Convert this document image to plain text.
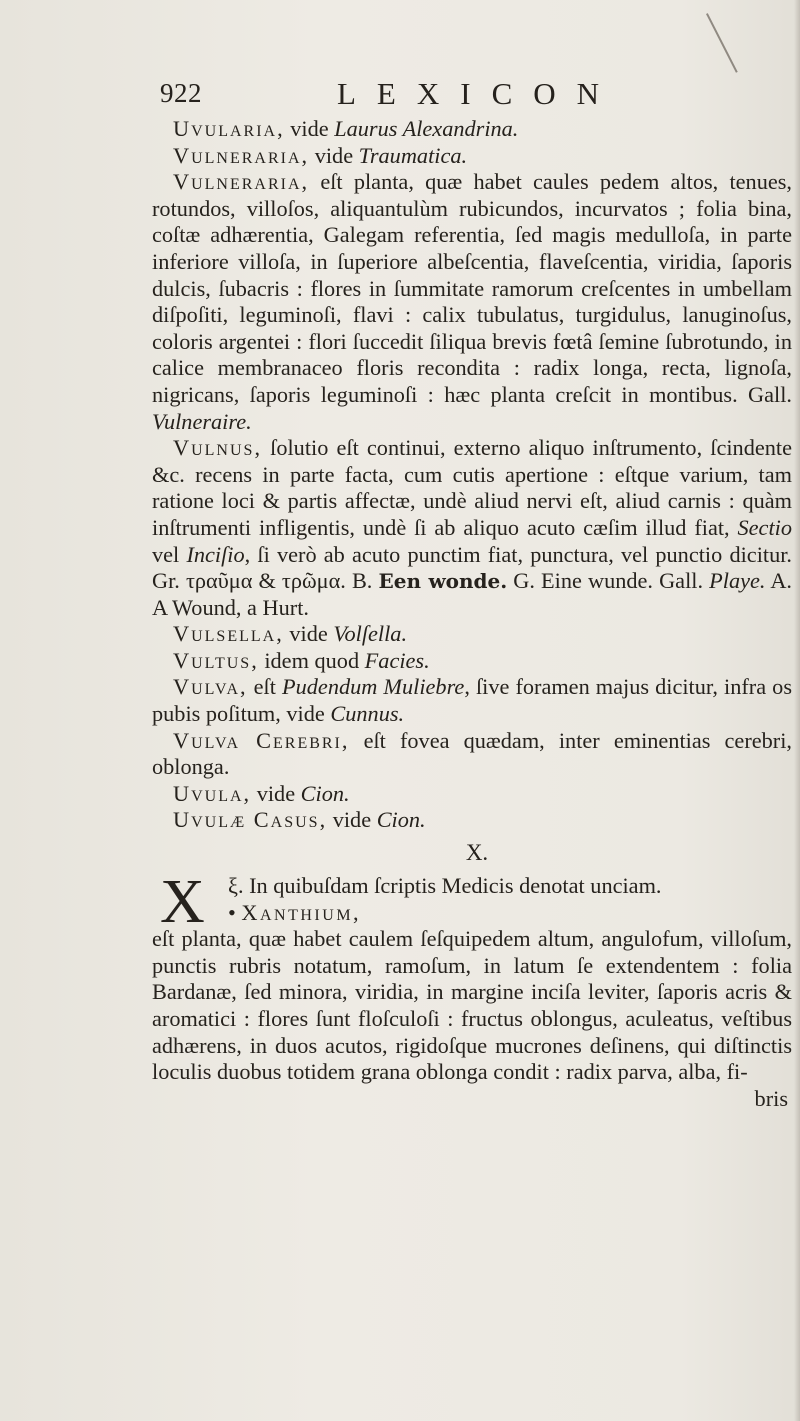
922	LEXICON

Uvularia, vide Laurus Alexandrina.

Vulneraria, vide Traumatica.

Vulneraria, eſt planta, quæ habet caules pedem altos, tenues, rotundos, villoſos, aliquantulùm rubicundos, incurvatos ; folia bina, coſtæ adhærentia, Galegam referentia, ſed magis medulloſa, in parte inferiore villoſa, in ſuperiore albeſcentia, flaveſcentia, viridia, ſaporis dulcis, ſubacris : flores in ſummitate ramorum creſcentes in umbellam diſpoſiti, leguminoſi, flavi : calix tubulatus, turgidulus, lanuginoſus, coloris argentei : flori ſuccedit ſiliqua brevis fœtâ ſemine ſubrotundo, in calice membranaceo floris recondita : radix longa, recta, lignoſa, nigricans, ſaporis leguminoſi : hæc planta creſcit in montibus. Gall. Vulneraire.

Vulnus, ſolutio eſt continui, externo aliquo inſtrumento, ſcindente &c. recens in parte facta, cum cutis apertione : eſtque varium, tam ratione loci & partis affectæ, undè aliud nervi eſt, aliud carnis : quàm inſtrumenti infligentis, undè ſi ab aliquo acuto cæſim illud fiat, Sectio vel Inciſio, ſi verò ab acuto punctim fiat, punctura, vel punctio dicitur. Gr. τραῦμα & τρῶμα. B. Een wonde. G. Eine wunde. Gall. Playe. A. A Wound, a Hurt.

Vulsella, vide Volſella.

Vultus, idem quod Facies.

Vulva, eſt Pudendum Muliebre, ſive foramen majus dicitur, infra os pubis poſitum, vide Cunnus.

Vulva Cerebri, eſt fovea quædam, inter eminentias cerebri, oblonga.

Uvula, vide Cion.

Uvulæ Casus, vide Cion.

X.
X	ξ. In quibuſdam ſcriptis Medicis denotat unciam.

• Xanthium,

eſt planta, quæ habet caulem ſeſquipedem altum, angulofum, villoſum, punctis rubris notatum, ramoſum, in latum ſe extendentem : folia Bardanæ, ſed minora, viridia, in margine inciſa leviter, ſaporis acris & aromatici : flores ſunt floſculoſi : fructus oblongus, aculeatus, veſtibus adhærens, in duos acutos, rigidoſque mucrones deſinens, qui diſtinctis loculis duobus totidem grana oblonga condit : radix parva, alba, fi-

bris
